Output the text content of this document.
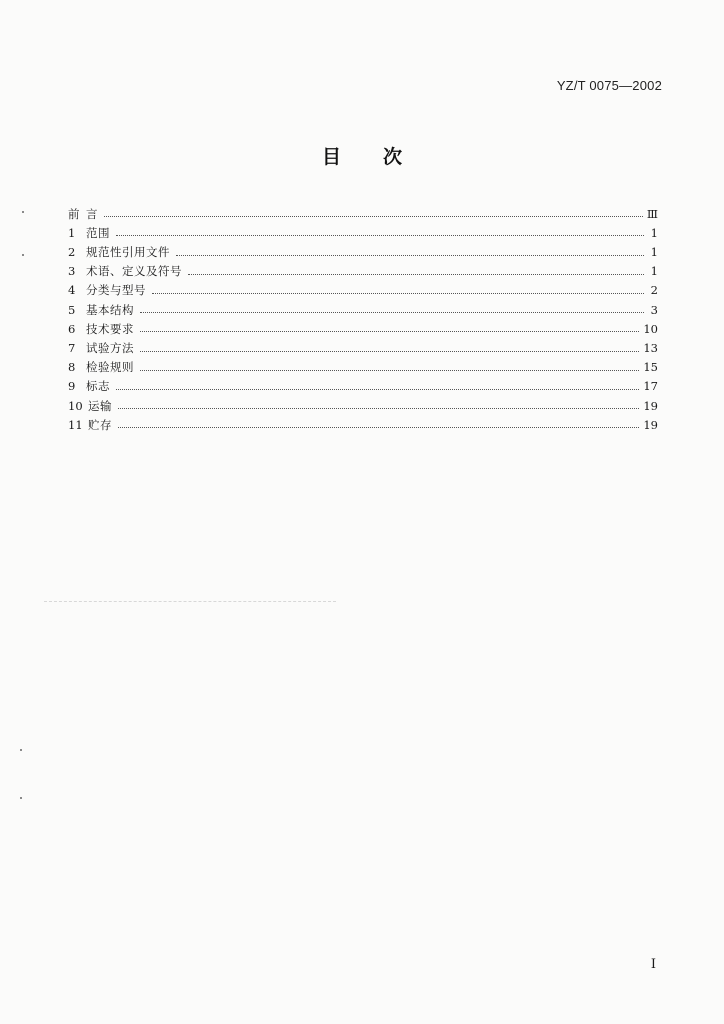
YZ/T 0075—2002
目 次
前 言	Ⅲ
1 范围	1
2 规范性引用文件	1
3 术语、定义及符号	1
4 分类与型号	2
5 基本结构	3
6 技术要求	10
7 试验方法	13
8 检验规则	15
9 标志	17
10 运输	19
11 贮存	19
I
